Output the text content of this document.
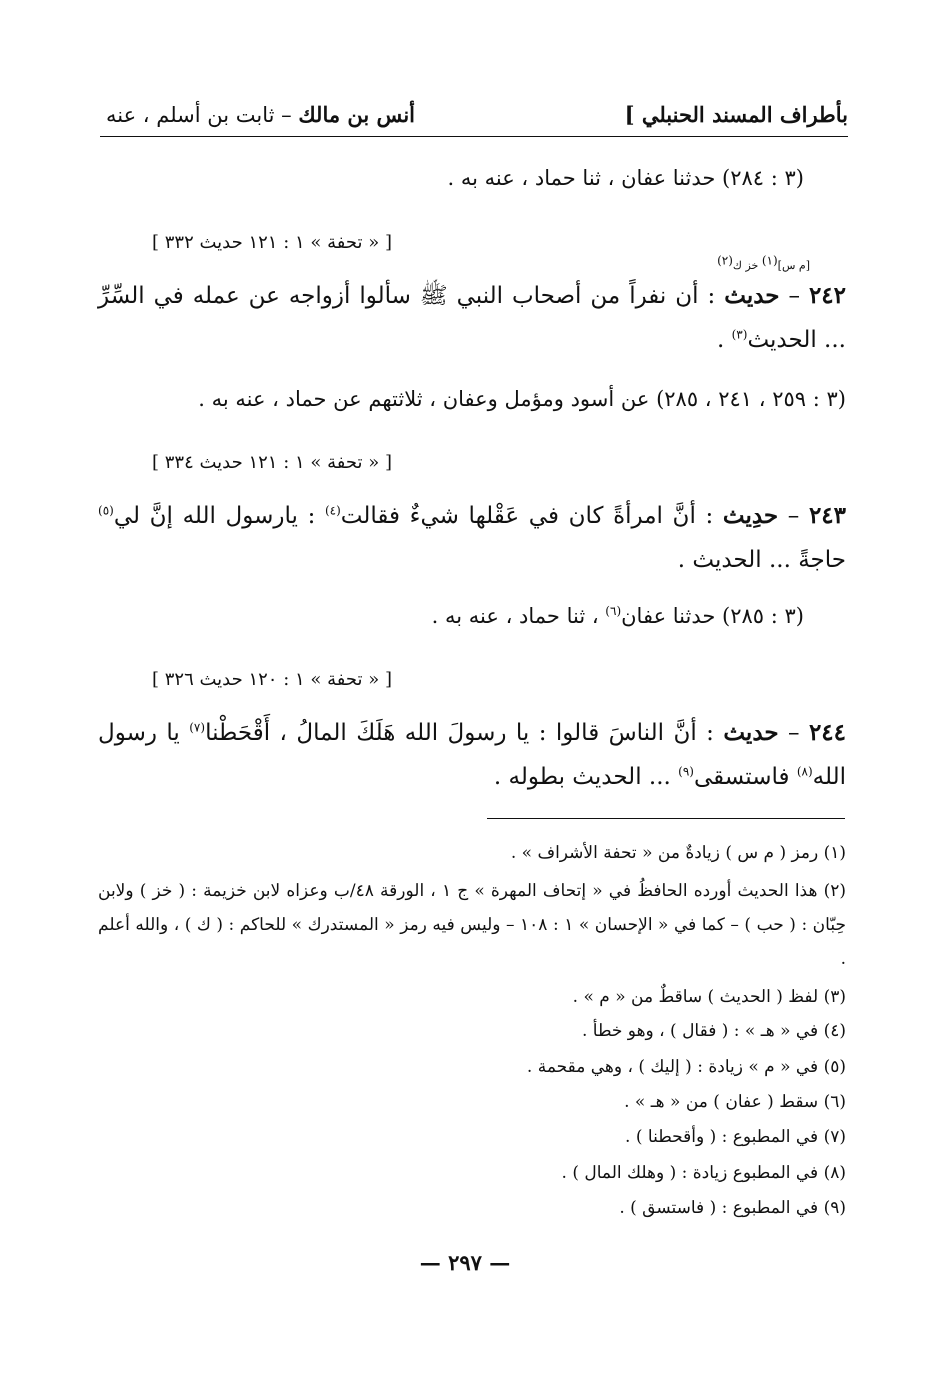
بأطراف المسند الحنبلي ]
أنس بن مالك – ثابت بن أسلم ، عنه
(٣ : ٢٨٤) حدثنا عفان ، ثنا حماد ، عنه به .
[ « تحفة » ١ : ١٢١ حديث ٣٣٢ ]
[م س]$^{(١)}$ خز ك$^{(٢)}$
٢٤٢ – حديث : أن نفراً من أصحاب النبي ﷺ سألوا أزواجه عن عمله في السِّرِّ ... الحديث$^{(٣)}$ .
(٣ : ٢٥٩ ، ٢٤١ ، ٢٨٥) عن أسود ومؤمل وعفان ، ثلاثتهم عن حماد ، عنه به .
[ « تحفة » ١ : ١٢١ حديث ٣٣٤ ]
٢٤٣ – حدِيث : أنَّ امرأةً كان في عَقْلها شيءٌ فقالت$^{(٤)}$ : يارسول الله إنَّ لي$^{(٥)}$ حاجةً ... الحديث .
(٣ : ٢٨٥) حدثنا عفان$^{(٦)}$ ، ثنا حماد ، عنه به .
[ « تحفة » ١ : ١٢٠ حديث ٣٢٦ ]
٢٤٤ – حديث : أنَّ الناسَ قالوا : يا رسولَ الله هَلَكَ المالُ ، أَقْحَطْنا$^{(٧)}$ يا رسول الله$^{(٨)}$ فاستسقى$^{(٩)}$ ... الحديث بطوله .
(١) رمز ( م س ) زيادةٌ من « تحفة الأشراف » .
(٢) هذا الحديث أورده الحافظُ في « إتحاف المهرة » ج ١ ، الورقة ٤٨/ب وعزاه لابن خزيمة : ( خز ) ولابن حِبّان : ( حب ) – كما في « الإحسان » ١ : ١٠٨ – وليس فيه رمز « المستدرك » للحاكم : ( ك ) ، والله أعلم .
(٣) لفظ ( الحديث ) ساقطٌ من « م » .
(٤) في « هـ » : ( فقال ) ، وهو خطأ .
(٥) في « م » زيادة : ( إليك ) ، وهي مقحمة .
(٦) سقط ( عفان ) من « هـ » .
(٧) في المطبوع : ( وأقحطنا ) .
(٨) في المطبوع زيادة : ( وهلك المال ) .
(٩) في المطبوع : ( فاستسق ) .
— ٢٩٧ —
